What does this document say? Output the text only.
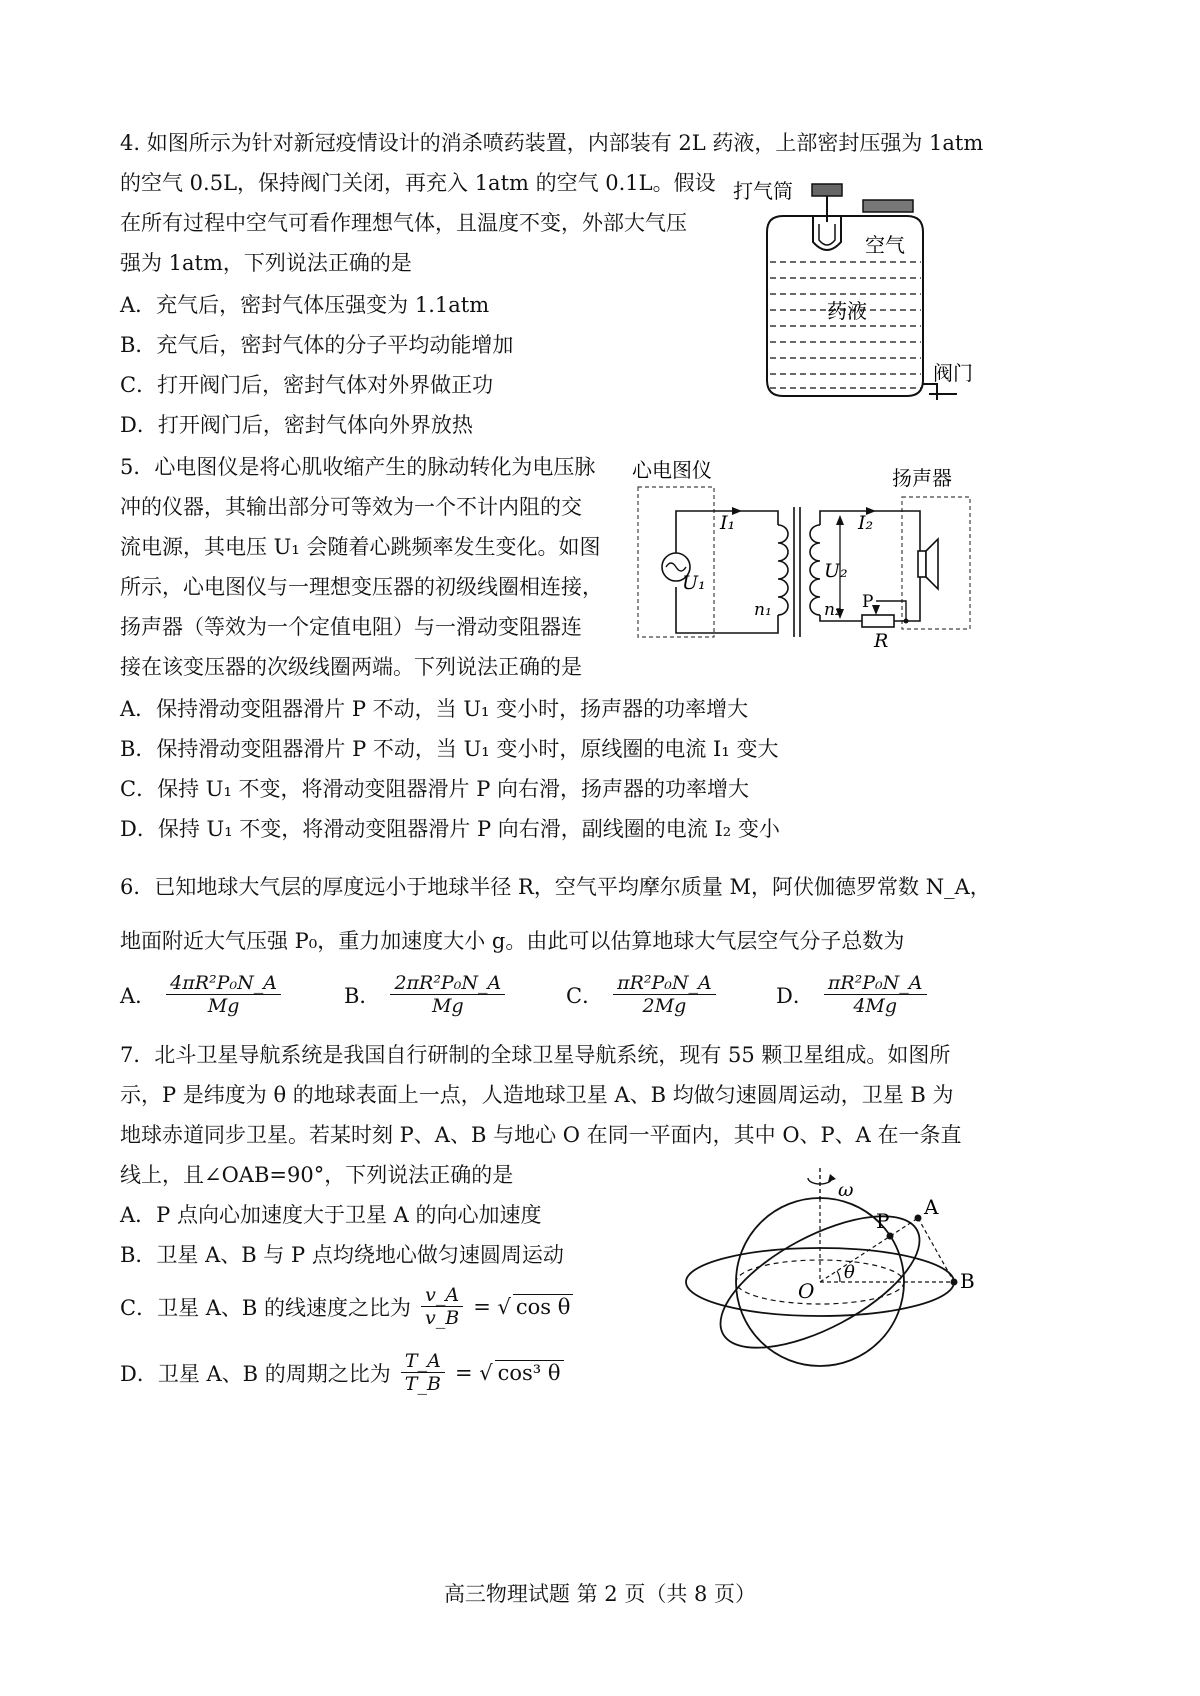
4. 如图所示为针对新冠疫情设计的消杀喷药装置，内部装有 2L 药液，上部密封压强为 1atm
的空气 0.5L，保持阀门关闭，再充入 1atm 的空气 0.1L。假设
在所有过程中空气可看作理想气体，且温度不变，外部大气压
强为 1atm，下列说法正确的是
A．充气后，密封气体压强变为 1.1atm
B．充气后，密封气体的分子平均动能增加
C．打开阀门后，密封气体对外界做正功
D．打开阀门后，密封气体向外界放热
打气筒
空气
药液
阀门
5．心电图仪是将心肌收缩产生的脉动转化为电压脉
冲的仪器，其输出部分可等效为一个不计内阻的交
流电源，其电压 U₁ 会随着心跳频率发生变化。如图
所示，心电图仪与一理想变压器的初级线圈相连接，
扬声器（等效为一个定值电阻）与一滑动变阻器连
接在该变压器的次级线圈两端。下列说法正确的是
A．保持滑动变阻器滑片 P 不动，当 U₁ 变小时，扬声器的功率增大
B．保持滑动变阻器滑片 P 不动，当 U₁ 变小时，原线圈的电流 I₁ 变大
C．保持 U₁ 不变，将滑动变阻器滑片 P 向右滑，扬声器的功率增大
D．保持 U₁ 不变，将滑动变阻器滑片 P 向右滑，副线圈的电流 I₂ 变小
心电图仪	扬声器
I₁	I₂
U₁
U₂
n₁	n₂ P
R
6．已知地球大气层的厚度远小于地球半径 R，空气平均摩尔质量 M，阿伏伽德罗常数 N_A，
地面附近大气压强 P₀，重力加速度大小 g。由此可以估算地球大气层空气分子总数为
A． $\frac{\text{4πR²P₀N\_A}}{Mg}$	B． $\frac{\text{2πR²P₀N\_A}}{Mg}$	C． $\frac{\text{πR²P₀N\_A}}{2Mg}$	D． $\frac{\text{πR²P₀N\_A}}{4Mg}$
7．北斗卫星导航系统是我国自行研制的全球卫星导航系统，现有 55 颗卫星组成。如图所
示，P 是纬度为 θ 的地球表面上一点，人造地球卫星 A、B 均做匀速圆周运动，卫星 B 为
地球赤道同步卫星。若某时刻 P、A、B 与地心 O 在同一平面内，其中 O、P、A 在一条直
线上，且∠OAB=90°，下列说法正确的是
A．P 点向心加速度大于卫星 A 的向心加速度
B．卫星 A、B 与 P 点均绕地心做匀速圆周运动
C．卫星 A、B 的线速度之比为 $\frac{v\_A}{v\_B}$ = √ cos θ
D．卫星 A、B 的周期之比为 $\frac{T\_A}{T\_B}$ = √ cos³ θ
ω
A
P
O	B
θ
高三物理试题 第 2 页（共 8 页）
